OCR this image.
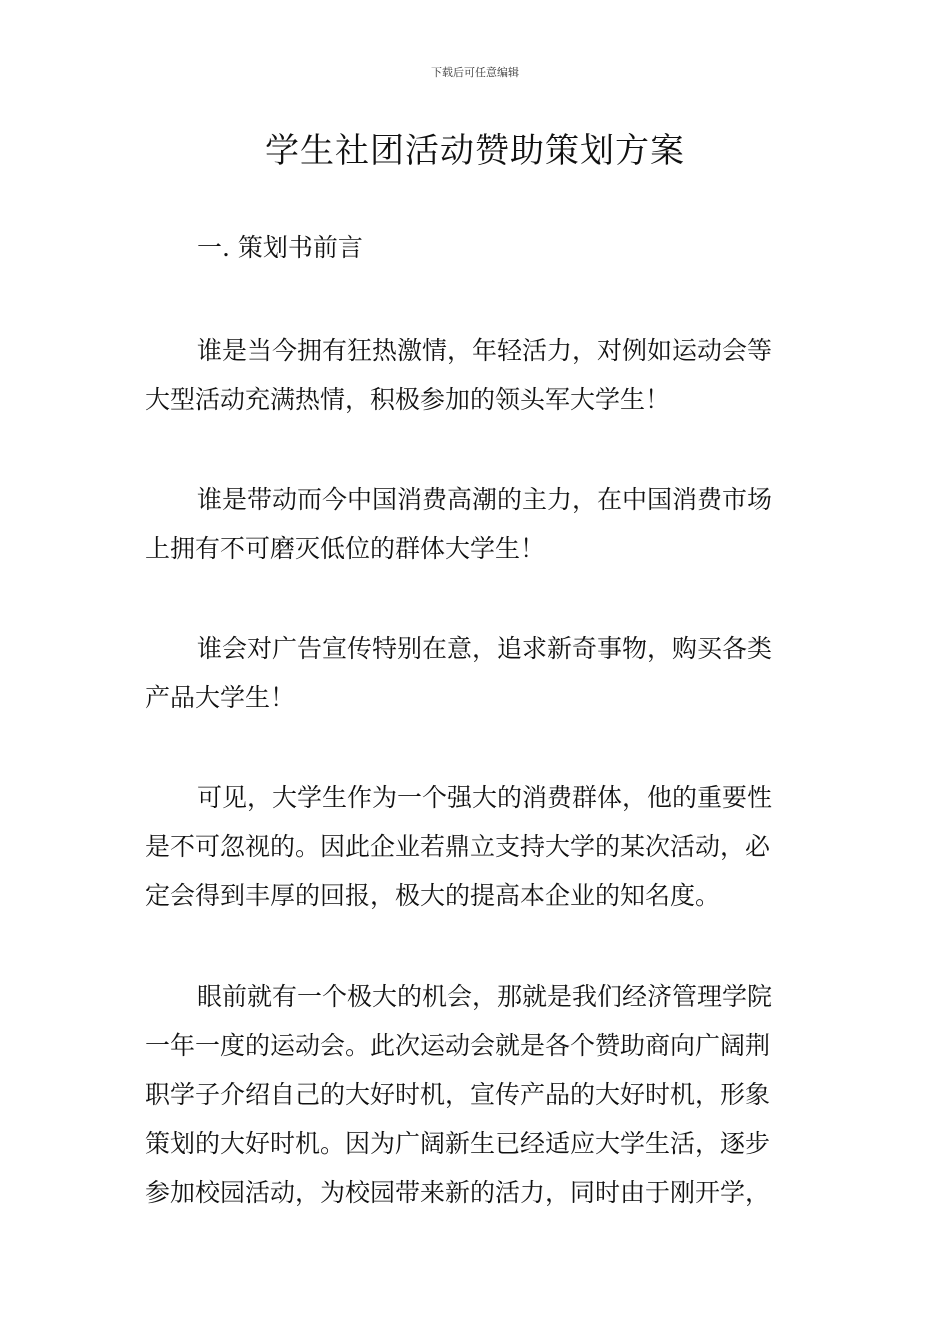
下载后可任意编辑
学生社团活动赞助策划方案
一. 策划书前言

谁是当今拥有狂热激情，年轻活力，对例如运动会等
大型活动充满热情，积极参加的领头军大学生！

谁是带动而今中国消费高潮的主力，在中国消费市场
上拥有不可磨灭低位的群体大学生！

谁会对广告宣传特别在意，追求新奇事物，购买各类
产品大学生！

可见，大学生作为一个强大的消费群体，他的重要性
是不可忽视的。因此企业若鼎立支持大学的某次活动，必
定会得到丰厚的回报，极大的提高本企业的知名度。

眼前就有一个极大的机会，那就是我们经济管理学院
一年一度的运动会。此次运动会就是各个赞助商向广阔荆
职学子介绍自己的大好时机，宣传产品的大好时机，形象
策划的大好时机。因为广阔新生已经适应大学生活，逐步
参加校园活动，为校园带来新的活力，同时由于刚开学，
